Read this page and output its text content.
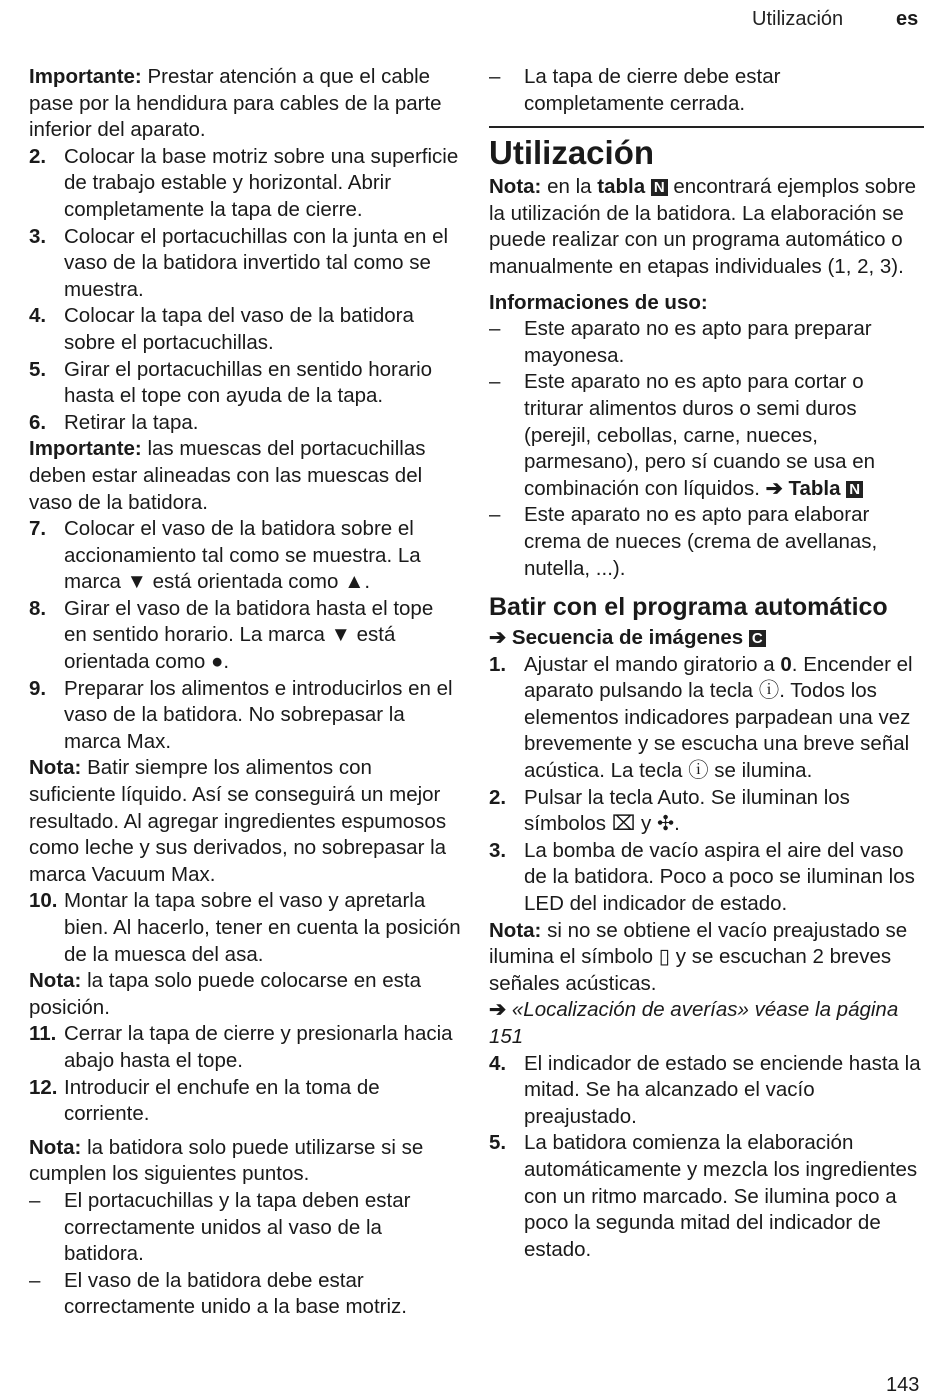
Utilización	es

Importante: Prestar atención a que el cable pase por la hendidura para cables de la parte inferior del aparato.

2. Colocar la base motriz sobre una superficie de trabajo estable y horizontal. Abrir completamente la tapa de cierre.
3. Colocar el portacuchillas con la junta en el vaso de la batidora invertido tal como se muestra.
4. Colocar la tapa del vaso de la batidora sobre el portacuchillas.
5. Girar el portacuchillas en sentido horario hasta el tope con ayuda de la tapa.
6. Retirar la tapa.

Importante: las muescas del portacuchillas deben estar alineadas con las muescas del vaso de la batidora.

7. Colocar el vaso de la batidora sobre el accionamiento tal como se muestra. La marca ▼ está orientada como ▲.
8. Girar el vaso de la batidora hasta el tope en sentido horario. La marca ▼ está orientada como ●.
9. Preparar los alimentos e introducirlos en el vaso de la batidora. No sobrepasar la marca Max.

Nota: Batir siempre los alimentos con suficiente líquido. Así se conseguirá un mejor resultado. Al agregar ingredientes espumosos como leche y sus derivados, no sobrepasar la marca Vacuum Max.

10. Montar la tapa sobre el vaso y apretarla bien. Al hacerlo, tener en cuenta la posición de la muesca del asa.

Nota: la tapa solo puede colocarse en esta posición.

11. Cerrar la tapa de cierre y presionarla hacia abajo hasta el tope.
12. Introducir el enchufe en la toma de corriente.

Nota: la batidora solo puede utilizarse si se cumplen los siguientes puntos.

– El portacuchillas y la tapa deben estar correctamente unidos al vaso de la batidora.
– El vaso de la batidora debe estar correctamente unido a la base motriz.
– La tapa de cierre debe estar completamente cerrada.
Utilización

Nota: en la tabla N encontrará ejemplos sobre la utilización de la batidora. La elaboración se puede realizar con un programa automático o manualmente en etapas individuales (1, 2, 3).

Informaciones de uso:

– Este aparato no es apto para preparar mayonesa.
– Este aparato no es apto para cortar o triturar alimentos duros o semi duros (perejil, cebollas, carne, nueces, parmesano), pero sí cuando se usa en combinación con líquidos. ➔ Tabla N
– Este aparato no es apto para elaborar crema de nueces (crema de avellanas, nutella, ...).
Batir con el programa automático

➔ Secuencia de imágenes C

1. Ajustar el mando giratorio a 0. Encender el aparato pulsando la tecla ⓘ. Todos los elementos indicadores parpadean una vez brevemente y se escucha una breve señal acústica. La tecla ⓘ se ilumina.
2. Pulsar la tecla Auto. Se iluminan los símbolos ⌧ y ✣.
3. La bomba de vacío aspira el aire del vaso de la batidora. Poco a poco se iluminan los LED del indicador de estado.

Nota: si no se obtiene el vacío preajustado se ilumina el símbolo ▯ y se escuchan 2 breves señales acústicas.

➔ «Localización de averías» véase la página 151

4. El indicador de estado se enciende hasta la mitad. Se ha alcanzado el vacío preajustado.
5. La batidora comienza la elaboración automáticamente y mezcla los ingredientes con un ritmo marcado. Se ilumina poco a poco la segunda mitad del indicador de estado.
143
